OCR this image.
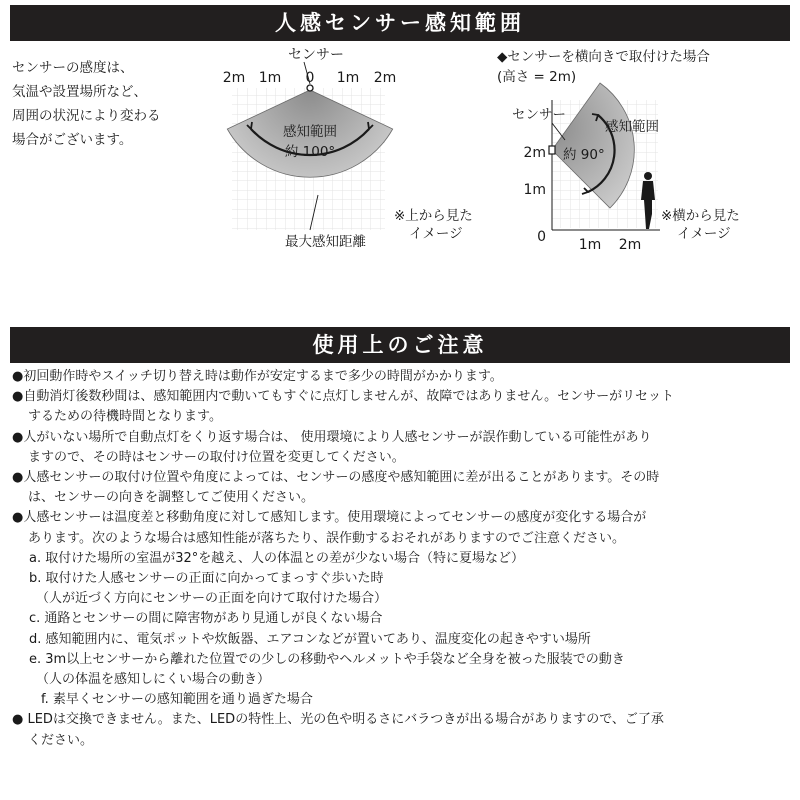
人感センサー感知範囲
センサーの感度は、
気温や設置場所など、
周囲の状況により変わる
場合がございます。
センサー
2m 1m 0 1m 2m
感知範囲
約 100°
最大感知距離
※上から見た
イメージ
◆センサーを横向きで取付けた場合
(高さ = 2m)
センサー
感知範囲
約 90°
2m
1m
0 1m 2m
※横から見た
イメージ
使用上のご注意
●初回動作時やスイッチ切り替え時は動作が安定するまで多少の時間がかかります。
●自動消灯後数秒間は、感知範囲内で動いてもすぐに点灯しませんが、故障ではありません。センサーがリセット
するための待機時間となります。
●人がいない場所で自動点灯をくり返す場合は、 使用環境により人感センサーが誤作動している可能性があり
ますので、その時はセンサーの取付け位置を変更してください。
●人感センサーの取付け位置や角度によっては、センサーの感度や感知範囲に差が出ることがあります。その時
は、センサーの向きを調整してご使用ください。
●人感センサーは温度差と移動角度に対して感知します。使用環境によってセンサーの感度が変化する場合が
あります。次のような場合は感知性能が落ちたり、誤作動するおそれがありますのでご注意ください。
a. 取付けた場所の室温が32°を越え、人の体温との差が少ない場合（特に夏場など）
b. 取付けた人感センサーの正面に向かってまっすぐ歩いた時
（人が近づく方向にセンサーの正面を向けて取付けた場合）
c. 通路とセンサーの間に障害物があり見通しが良くない場合
d. 感知範囲内に、電気ポットや炊飯器、エアコンなどが置いてあり、温度変化の起きやすい場所
e. 3m以上センサーから離れた位置での少しの移動やヘルメットや手袋など全身を被った服装での動き
（人の体温を感知しにくい場合の動き）
f. 素早くセンサーの感知範囲を通り過ぎた場合
● LEDは交換できません。また、LEDの特性上、光の色や明るさにバラつきが出る場合がありますので、ご了承
ください。
